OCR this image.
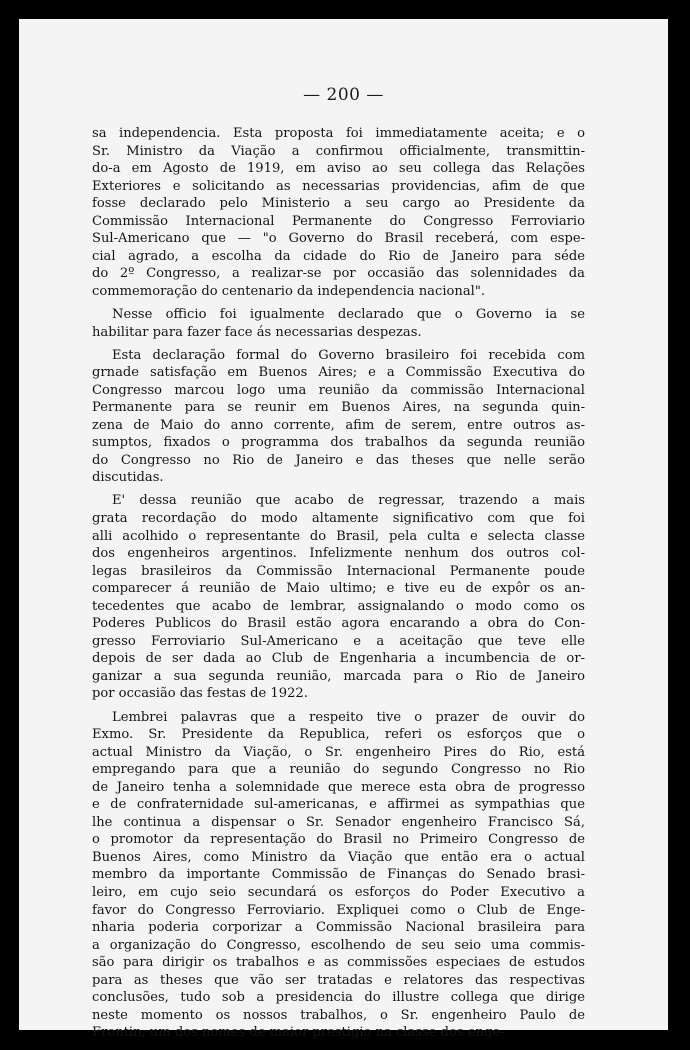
— 200 —
sa independencia. Esta proposta foi immediatamente aceita; e o
Sr. Ministro da Viação a confirmou officialmente, transmittin-
do-a em Agosto de 1919, em aviso ao seu collega das Relações
Exteriores e solicitando as necessarias providencias, afim de que
fosse declarado pelo Ministerio a seu cargo ao Presidente da
Commissão Internacional Permanente do Congresso Ferroviario
Sul-Americano que — "o Governo do Brasil receberá, com espe-
cial agrado, a escolha da cidade do Rio de Janeiro para séde
do 2º Congresso, a realizar-se por occasião das solennidades da
commemoração do centenario da independencia nacional".
Nesse officio foi igualmente declarado que o Governo ia se
habilitar para fazer face ás necessarias despezas.
Esta declaração formal do Governo brasileiro foi recebida com
grnade satisfação em Buenos Aires; e a Commissão Executiva do
Congresso marcou logo uma reunião da commissão Internacional
Permanente para se reunir em Buenos Aires, na segunda quin-
zena de Maio do anno corrente, afim de serem, entre outros as-
sumptos, fixados o programma dos trabalhos da segunda reunião
do Congresso no Rio de Janeiro e das theses que nelle serão
discutidas.
E' dessa reunião que acabo de regressar, trazendo a mais
grata recordação do modo altamente significativo com que foi
alli acolhido o representante do Brasil, pela culta e selecta classe
dos engenheiros argentinos. Infelizmente nenhum dos outros col-
legas brasileiros da Commissão Internacional Permanente poude
comparecer á reunião de Maio ultimo; e tive eu de expôr os an-
tecedentes que acabo de lembrar, assignalando o modo como os
Poderes Publicos do Brasil estão agora encarando a obra do Con-
gresso Ferroviario Sul-Americano e a aceitação que teve elle
depois de ser dada ao Club de Engenharia a incumbencia de or-
ganizar a sua segunda reunião, marcada para o Rio de Janeiro
por occasião das festas de 1922.
Lembrei palavras que a respeito tive o prazer de ouvir do
Exmo. Sr. Presidente da Republica, referi os esforços que o
actual Ministro da Viação, o Sr. engenheiro Pires do Rio, está
empregando para que a reunião do segundo Congresso no Rio
de Janeiro tenha a solemnidade que merece esta obra de progresso
e de confraternidade sul-americanas, e affirmei as sympathias que
lhe continua a dispensar o Sr. Senador engenheiro Francisco Sá,
o promotor da representação do Brasil no Primeiro Congresso de
Buenos Aires, como Ministro da Viação que então era o actual
membro da importante Commissão de Finanças do Senado brasi-
leiro, em cujo seio secundará os esforços do Poder Executivo a
favor do Congresso Ferroviario. Expliquei como o Club de Enge-
nharia poderia corporizar a Commissão Nacional brasileira para
a organização do Congresso, escolhendo de seu seio uma commis-
são para dirigir os trabalhos e as commissões especiaes de estudos
para as theses que vão ser tratadas e relatores das respectivas
conclusões, tudo sob a presidencia do illustre collega que dirige
neste momento os nossos trabalhos, o Sr. engenheiro Paulo de
Frontin, um dos nomes de maior prestigio na classe dos enge-
